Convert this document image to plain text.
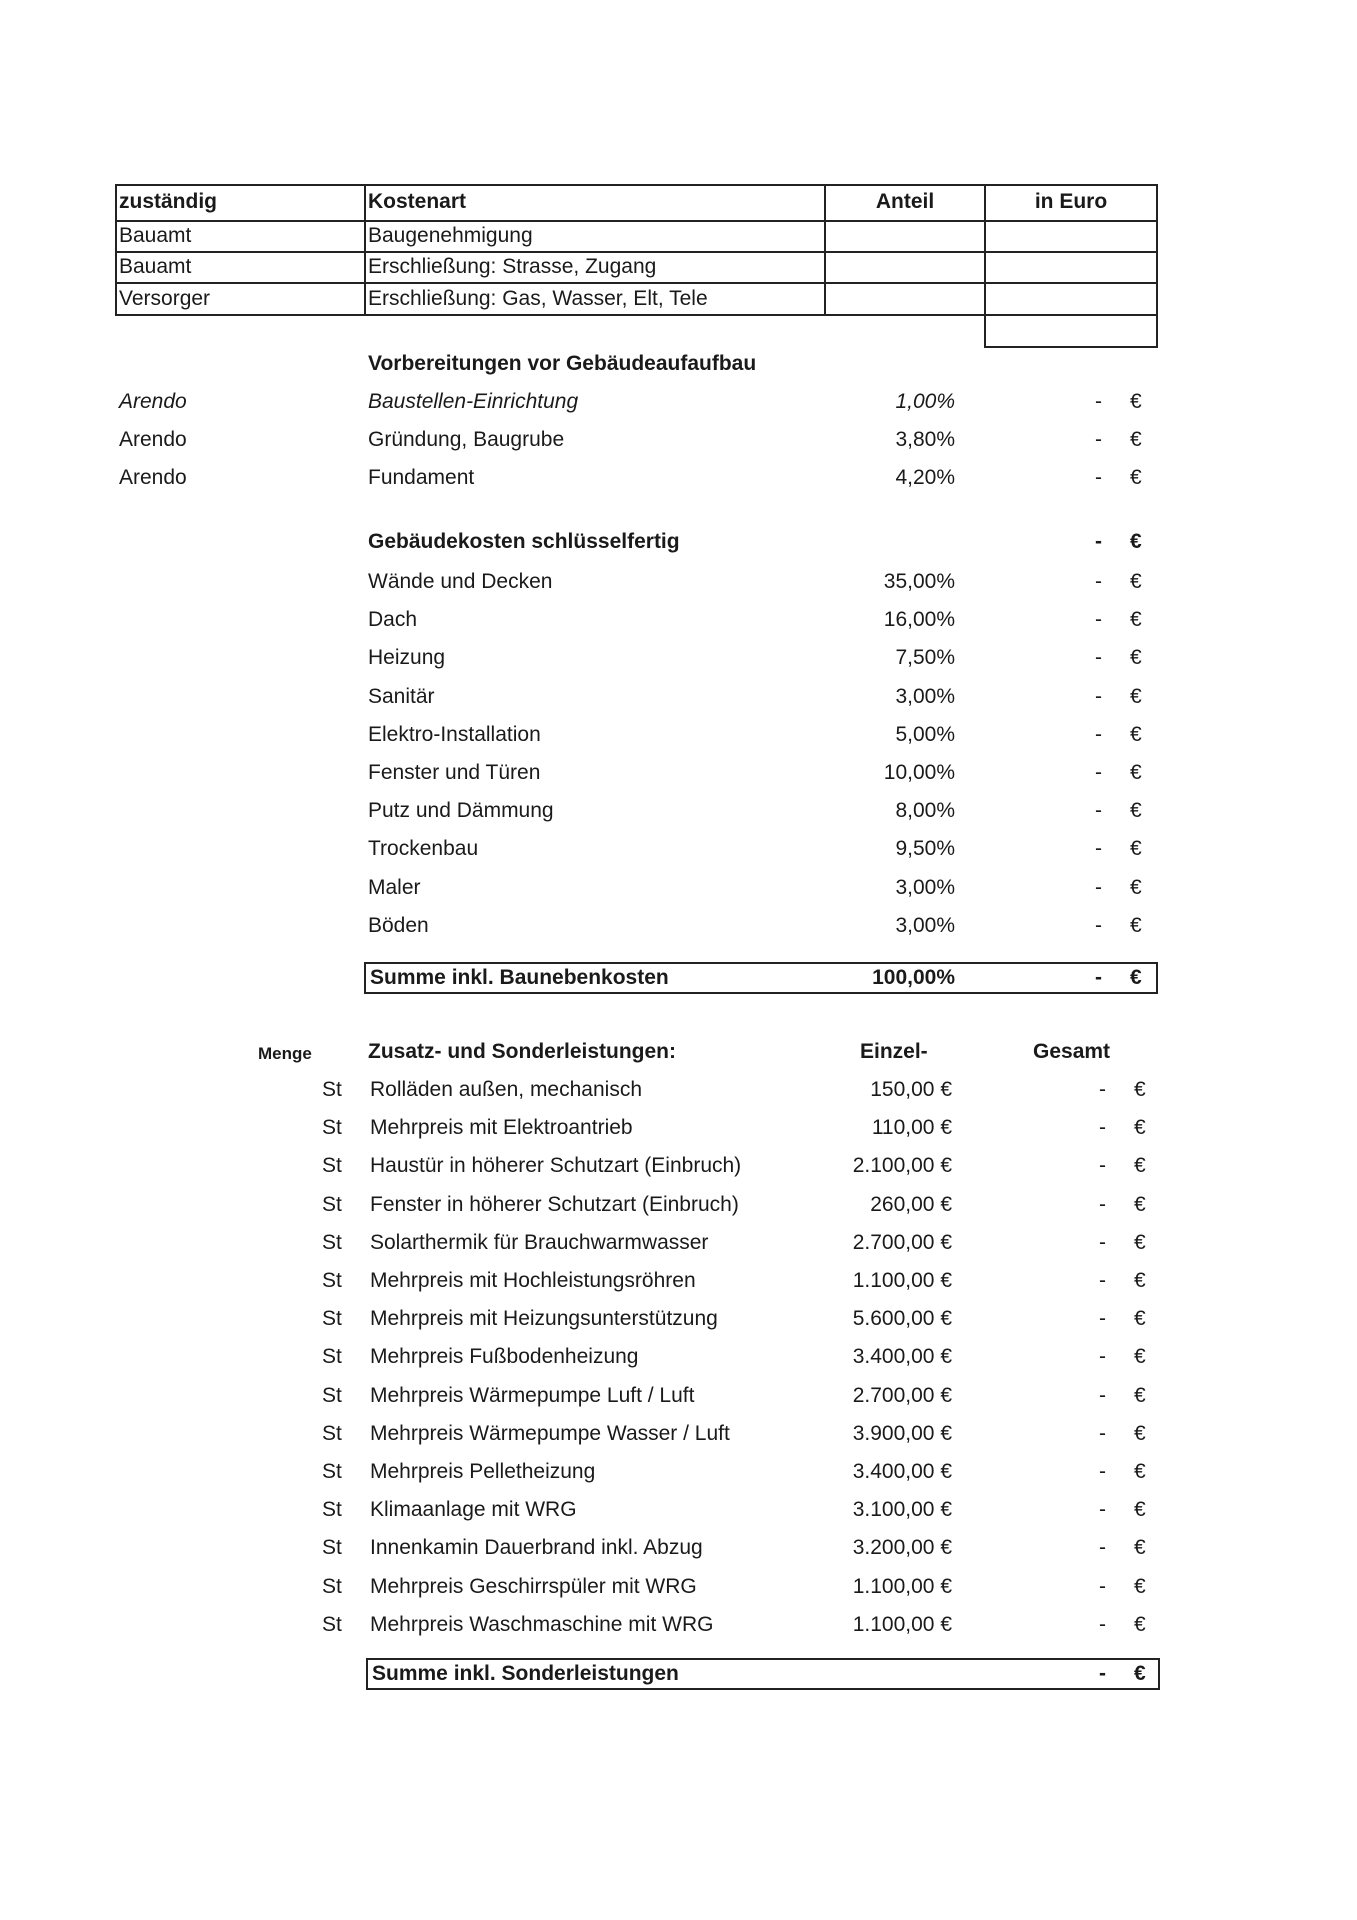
zuständig	Kostenart	Anteil	in Euro
Bauamt	Baugenehmigung
Bauamt	Erschließung: Strasse, Zugang
Versorger	Erschließung: Gas, Wasser, Elt, Tele
Vorbereitungen vor Gebäudeaufaufbau
Arendo	Baustellen-Einrichtung	1,00%	- €
Arendo	Gründung, Baugrube	3,80%	- €
Arendo	Fundament	4,20%	- €
Gebäudekosten schlüsselfertig	- €
Wände und Decken	35,00%	- €
Dach	16,00%	- €
Heizung	7,50%	- €
Sanitär	3,00%	- €
Elektro-Installation	5,00%	- €
Fenster und Türen	10,00%	- €
Putz und Dämmung	8,00%	- €
Trockenbau	9,50%	- €
Maler	3,00%	- €
Böden	3,00%	- €
Summe inkl. Baunebenkosten	100,00%	- €
Menge	Zusatz- und Sonderleistungen:	Einzel-	Gesamt
St Rolläden außen, mechanisch	150,00 €	- €
St Mehrpreis mit Elektroantrieb	110,00 €	- €
St Haustür in höherer Schutzart (Einbruch)	2.100,00 €	- €
St Fenster in höherer Schutzart (Einbruch)	260,00 €	- €
St Solarthermik für Brauchwarmwasser	2.700,00 €	- €
St Mehrpreis mit Hochleistungsröhren	1.100,00 €	- €
St Mehrpreis mit Heizungsunterstützung	5.600,00 €	- €
St Mehrpreis Fußbodenheizung	3.400,00 €	- €
St Mehrpreis Wärmepumpe Luft / Luft	2.700,00 €	- €
St Mehrpreis Wärmepumpe Wasser / Luft	3.900,00 €	- €
St Mehrpreis Pelletheizung	3.400,00 €	- €
St Klimaanlage mit WRG	3.100,00 €	- €
St Innenkamin Dauerbrand inkl. Abzug	3.200,00 €	- €
St Mehrpreis Geschirrspüler mit WRG	1.100,00 €	- €
St Mehrpreis Waschmaschine mit WRG	1.100,00 €	- €
Summe inkl. Sonderleistungen	- €
